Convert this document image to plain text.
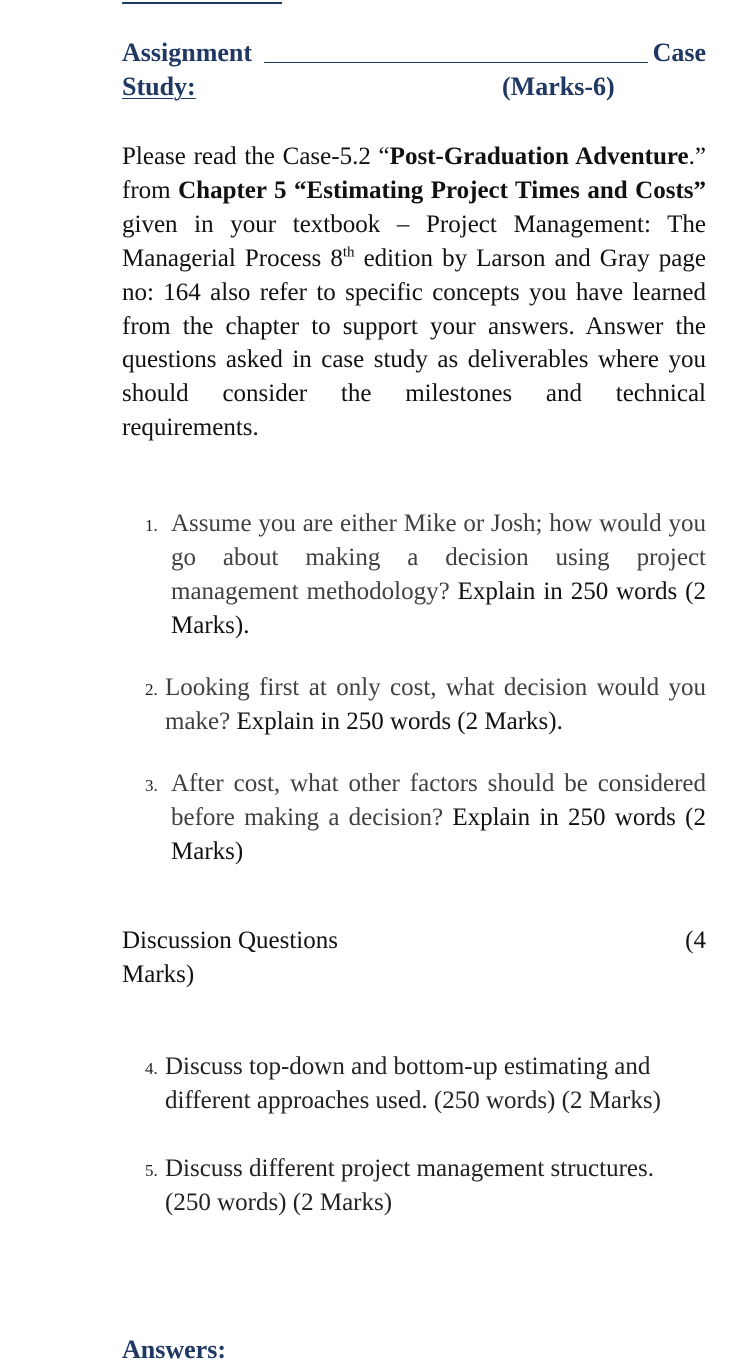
Assignment	Case
Study:	(Marks-6)

Please read the Case-5.2 “Post-Graduation Adventure.” from Chapter 5 “Estimating Project Times and Costs” given in your textbook – Project Management: The Managerial Process 8th edition by Larson and Gray page no: 164 also refer to specific concepts you have learned from the chapter to support your answers. Answer the questions asked in case study as deliverables where you should consider the milestones and technical requirements.

1. Assume you are either Mike or Josh; how would you go about making a decision using project management methodology? Explain in 250 words (2 Marks).
2. Looking first at only cost, what decision would you make? Explain in 250 words (2 Marks).
3. After cost, what other factors should be considered before making a decision? Explain in 250 words (2 Marks)
Discussion Questions	(4
Marks)
4. Discuss top-down and bottom-up estimating and different approaches used. (250 words) (2 Marks)
5. Discuss different project management structures. (250 words) (2 Marks)
Answers:
